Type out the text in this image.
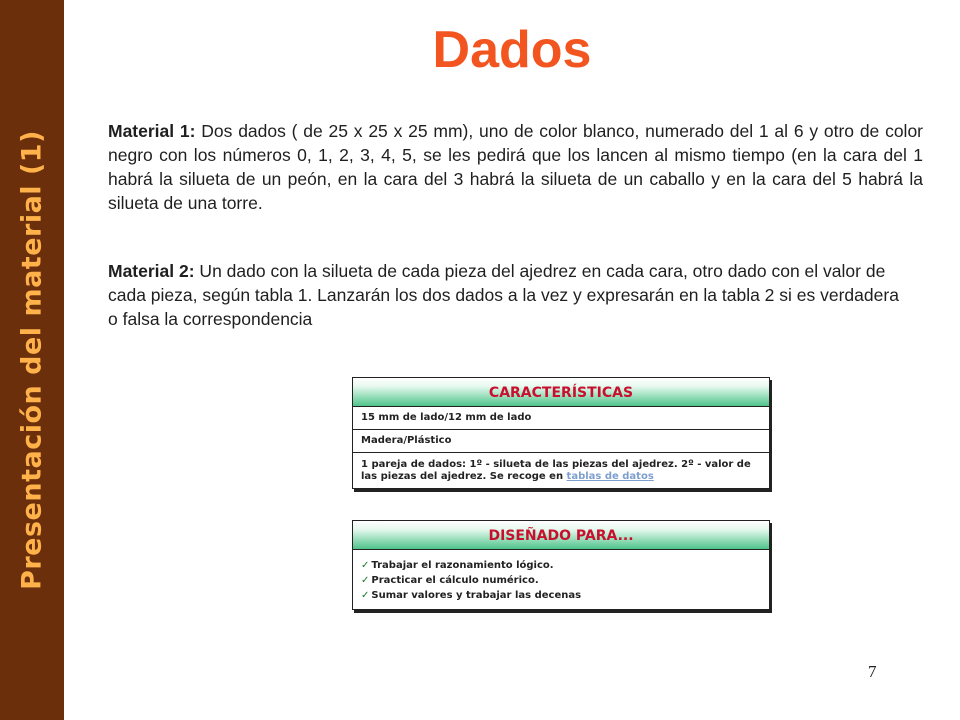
Presentación del material (1)
Dados
Material 1: Dos dados ( de 25 x 25 x 25 mm), uno de color blanco, numerado del 1 al 6 y otro de color negro con los números 0, 1, 2, 3, 4, 5, se les pedirá que los lancen al mismo tiempo (en la cara del 1 habrá la silueta de un peón, en la cara del 3 habrá la silueta de un caballo y en la cara del 5 habrá la silueta de una torre.
Material 2: Un dado con la silueta de cada pieza del ajedrez en cada cara, otro dado con el valor de cada pieza, según tabla 1. Lanzarán los dos dados a la vez y expresarán en la tabla 2 si es verdadera o falsa la correspondencia
CARACTERÍSTICAS
15 mm de lado/12 mm de lado
Madera/Plástico
1 pareja de dados: 1º - silueta de las piezas del ajedrez. 2º - valor de las piezas del ajedrez. Se recoge en tablas de datos
DISEÑADO PARA...
✓ Trabajar el razonamiento lógico.
✓ Practicar el cálculo numérico.
✓ Sumar valores y trabajar las decenas
7
